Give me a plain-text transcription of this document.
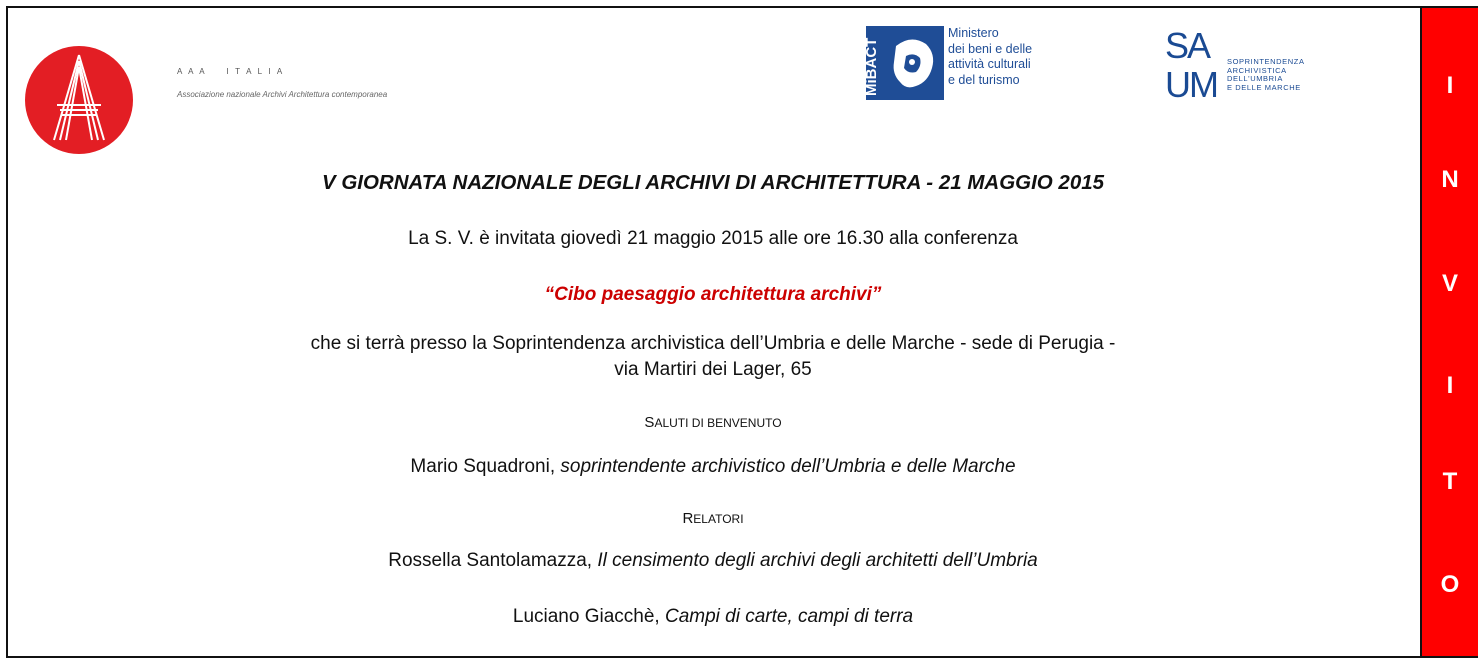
A   A   A          I   T   A   L   I   A
Associazione nazionale Archivi Architettura contemporanea	MiBACT
Ministero
dei beni e delle
attività culturali
e del turismo
SA
UM
SOPRINTENDENZA
ARCHIVISTICA
DELL'UMBRIA
E DELLE MARCHE
V GIORNATA NAZIONALE DEGLI ARCHIVI DI ARCHITETTURA - 21 MAGGIO 2015
La S. V. è invitata giovedì 21 maggio 2015 alle ore 16.30 alla conferenza
“Cibo paesaggio architettura archivi”
che si terrà presso la Soprintendenza archivistica dell’Umbria e delle Marche - sede di Perugia -
via Martiri dei Lager, 65
SALUTI DI BENVENUTO
Mario Squadroni, soprintendente archivistico dell’Umbria e delle Marche
RELATORI
Rossella Santolamazza, Il censimento degli archivi degli architetti dell’Umbria
Luciano Giacchè, Campi di carte, campi di terra
I
N
V
I
T
O
